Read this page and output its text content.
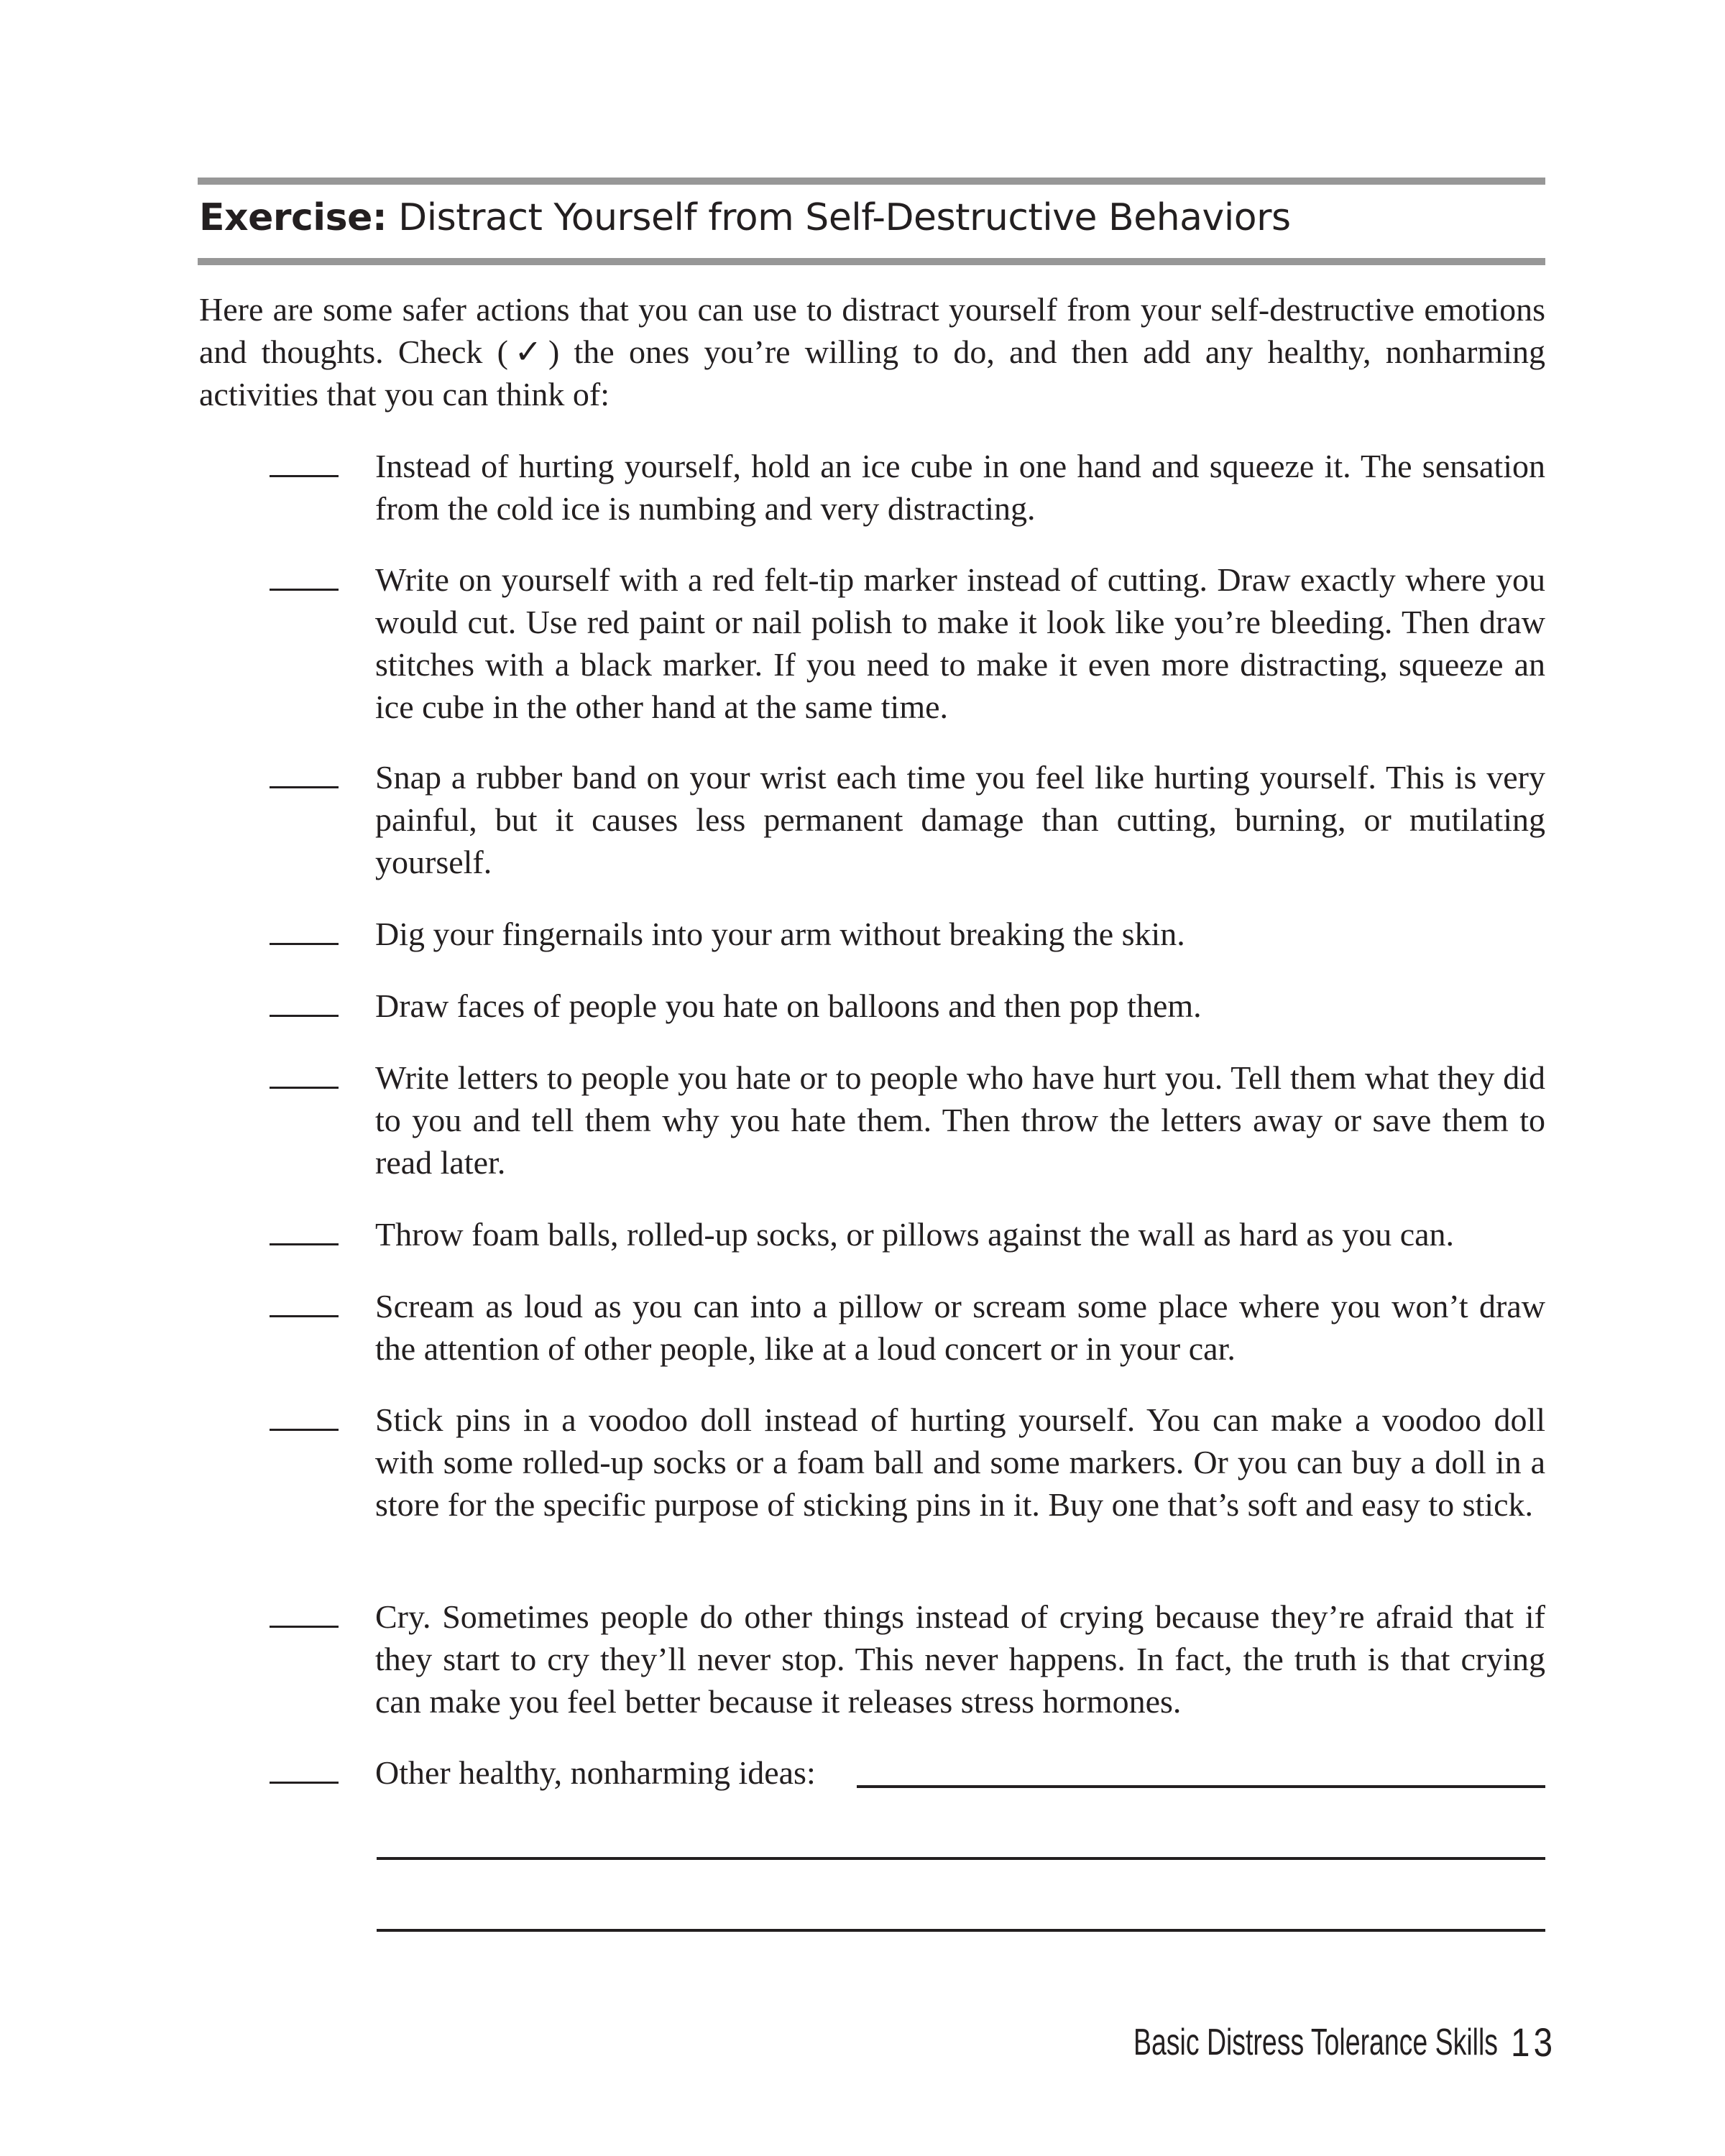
Exercise: Distract Yourself from Self-Destructive Behaviors

Here are some safer actions that you can use to distract yourself from your self-destructive emotions and thoughts. Check (✓) the ones you’re willing to do, and then add any healthy, nonharming activities that you can think of:

Instead of hurting yourself, hold an ice cube in one hand and squeeze it. The sensation from the cold ice is numbing and very distracting.
Write on yourself with a red felt-tip marker instead of cutting. Draw exactly where you would cut. Use red paint or nail polish to make it look like you’re bleeding. Then draw stitches with a black marker. If you need to make it even more distracting, squeeze an ice cube in the other hand at the same time.
Snap a rubber band on your wrist each time you feel like hurting yourself. This is very painful, but it causes less permanent damage than cutting, burning, or mutilating yourself.
Dig your fingernails into your arm without breaking the skin.
Draw faces of people you hate on balloons and then pop them.
Write letters to people you hate or to people who have hurt you. Tell them what they did to you and tell them why you hate them. Then throw the letters away or save them to read later.
Throw foam balls, rolled-up socks, or pillows against the wall as hard as you can.
Scream as loud as you can into a pillow or scream some place where you won’t draw the attention of other people, like at a loud concert or in your car.
Stick pins in a voodoo doll instead of hurting yourself. You can make a voodoo doll with some rolled-up socks or a foam ball and some markers. Or you can buy a doll in a store for the specific purpose of sticking pins in it. Buy one that’s soft and easy to stick.
Cry. Sometimes people do other things instead of crying because they’re afraid that if they start to cry they’ll never stop. This never happens. In fact, the truth is that crying can make you feel better because it releases stress hormones.
Other healthy, nonharming ideas:
Basic Distress Tolerance Skills 13
